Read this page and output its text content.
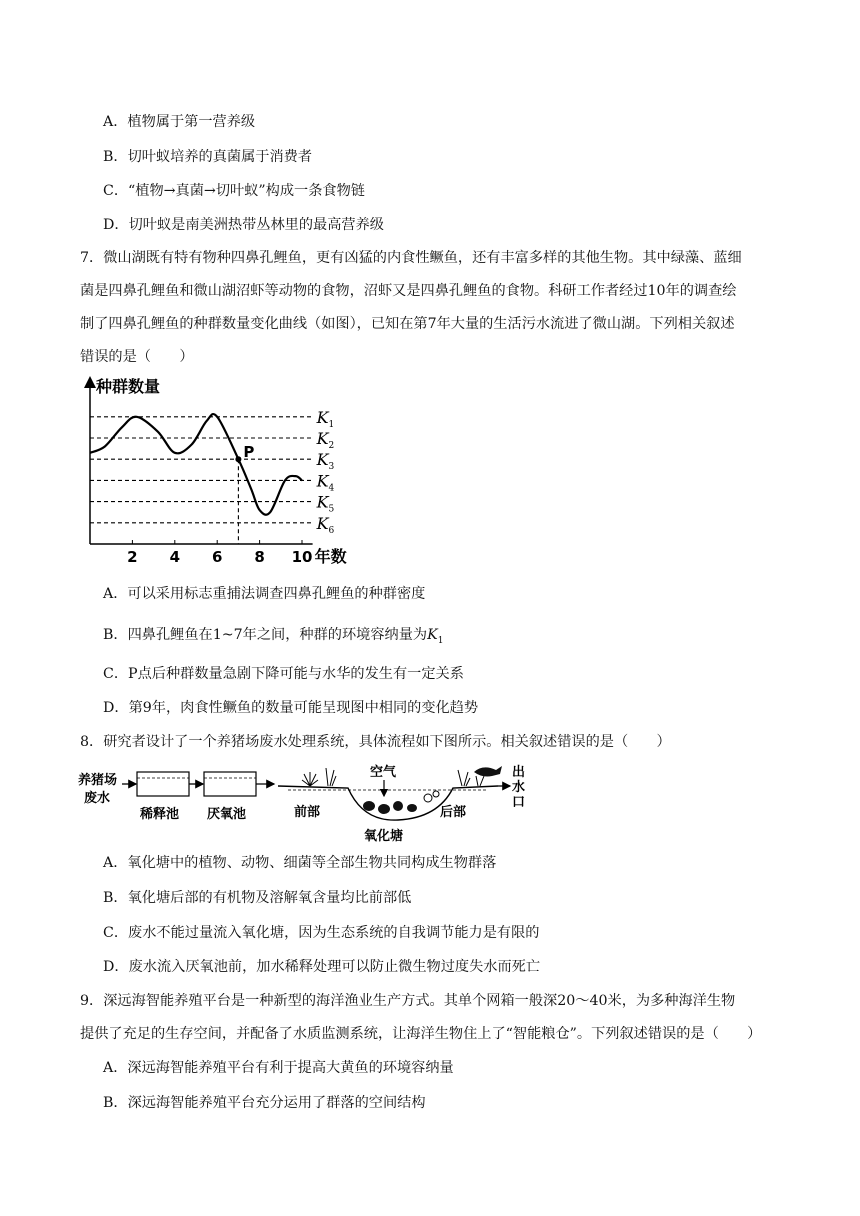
A．植物属于第一营养级
B．切叶蚁培养的真菌属于消费者
C．“植物→真菌→切叶蚁”构成一条食物链
D．切叶蚁是南美洲热带丛林里的最高营养级
7．微山湖既有特有物种四鼻孔鲤鱼，更有凶猛的内食性鳜鱼，还有丰富多样的其他生物。其中绿藻、蓝细
菌是四鼻孔鲤鱼和微山湖沼虾等动物的食物，沼虾又是四鼻孔鲤鱼的食物。科研工作者经过10年的调查绘
制了四鼻孔鲤鱼的种群数量变化曲线（如图），已知在第7年大量的生活污水流进了微山湖。下列相关叙述
错误的是（　　）
种群数量
年数
2 4 6 8 10
$K_1$
$K_2$
$K_3$
$K_4$
$K_5$
$K_6$
P
A．可以采用标志重捕法调查四鼻孔鲤鱼的种群密度
B．四鼻孔鲤鱼在1~7年之间，种群的环境容纳量为$K_1$
C．P点后种群数量急剧下降可能与水华的发生有一定关系
D．第9年，肉食性鳜鱼的数量可能呈现图中相同的变化趋势
8．研究者设计了一个养猪场废水处理系统，具体流程如下图所示。相关叙述错误的是（　　）
养猪场
废水
稀释池 厌氧池
空气
前部
氧化塘
后部
出水口
A．氧化塘中的植物、动物、细菌等全部生物共同构成生物群落
B．氧化塘后部的有机物及溶解氧含量均比前部低
C．废水不能过量流入氧化塘，因为生态系统的自我调节能力是有限的
D．废水流入厌氧池前，加水稀释处理可以防止微生物过度失水而死亡
9．深远海智能养殖平台是一种新型的海洋渔业生产方式。其单个网箱一般深20～40米，为多种海洋生物
提供了充足的生存空间，并配备了水质监测系统，让海洋生物住上了“智能粮仓”。下列叙述错误的是（　　）
A．深远海智能养殖平台有利于提高大黄鱼的环境容纳量
B．深远海智能养殖平台充分运用了群落的空间结构
